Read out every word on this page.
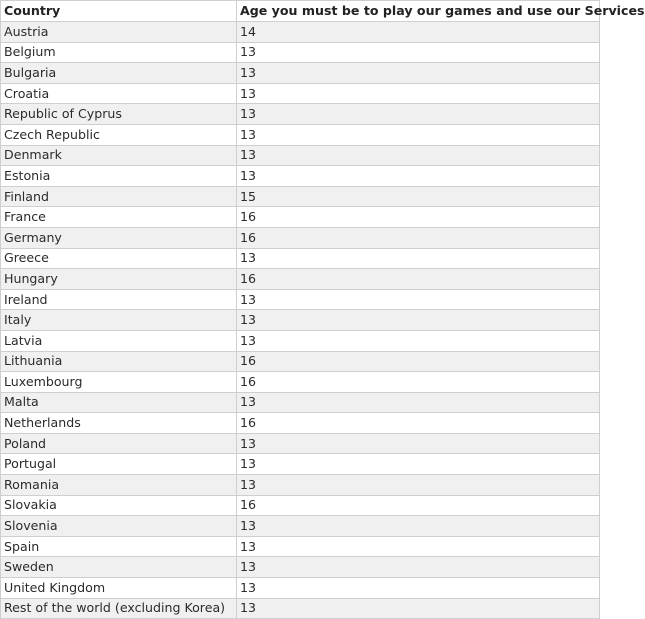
Country	Age you must be to play our games and use our Services
Austria	14
Belgium	13
Bulgaria	13
Croatia	13
Republic of Cyprus	13
Czech Republic	13
Denmark	13
Estonia	13
Finland	15
France	16
Germany	16
Greece	13
Hungary	16
Ireland	13
Italy	13
Latvia	13
Lithuania	16
Luxembourg	16
Malta	13
Netherlands	16
Poland	13
Portugal	13
Romania	13
Slovakia	16
Slovenia	13
Spain	13
Sweden	13
United Kingdom	13
Rest of the world (excluding Korea)	13
